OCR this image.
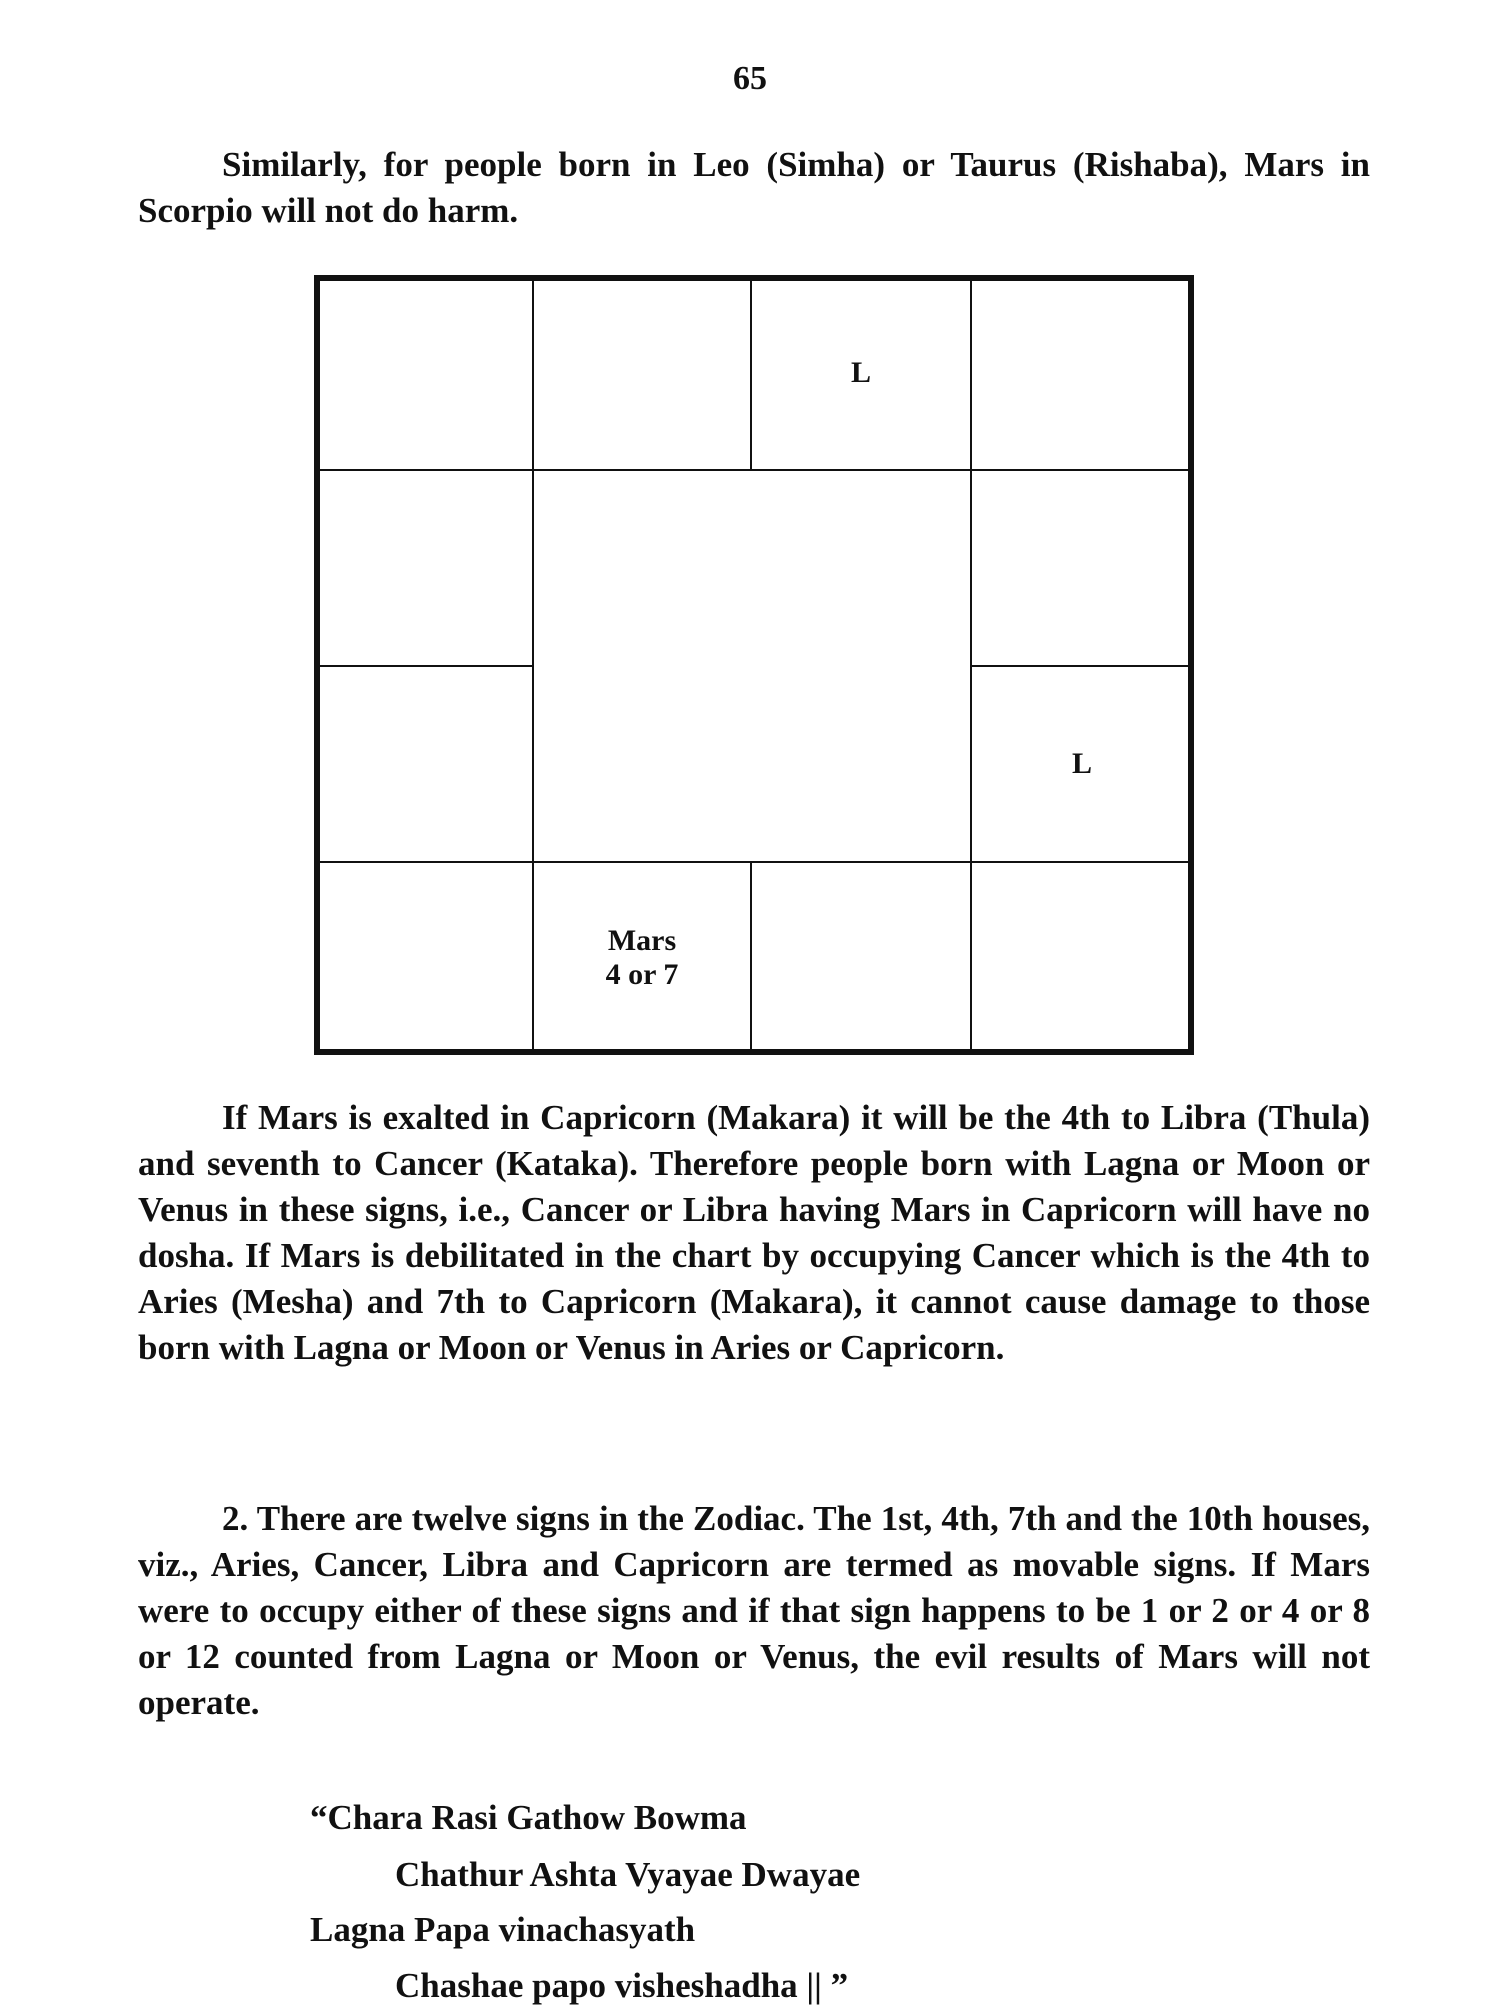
65

Similarly, for people born in Leo (Simha) or Taurus (Rishaba), Mars in Scorpio will not do harm.

L
L
Mars
4 or 7

If Mars is exalted in Capricorn (Makara) it will be the 4th to Libra (Thula) and seventh to Cancer (Kataka). Therefore people born with Lagna or Moon or Venus in these signs, i.e., Cancer or Libra having Mars in Capricorn will have no dosha. If Mars is debilitated in the chart by occupying Cancer which is the 4th to Aries (Mesha) and 7th to Capricorn (Makara), it cannot cause damage to those born with Lagna or Moon or Venus in Aries or Capricorn.

2. There are twelve signs in the Zodiac. The 1st, 4th, 7th and the 10th houses, viz., Aries, Cancer, Libra and Capricorn are termed as movable signs. If Mars were to occupy either of these signs and if that sign happens to be 1 or 2 or 4 or 8 or 12 counted from Lagna or Moon or Venus, the evil results of Mars will not operate.

“Chara Rasi Gathow Bowma
Chathur Ashta Vyayae Dwayae
Lagna Papa vinachasyath
Chashae papo visheshadha || ”
